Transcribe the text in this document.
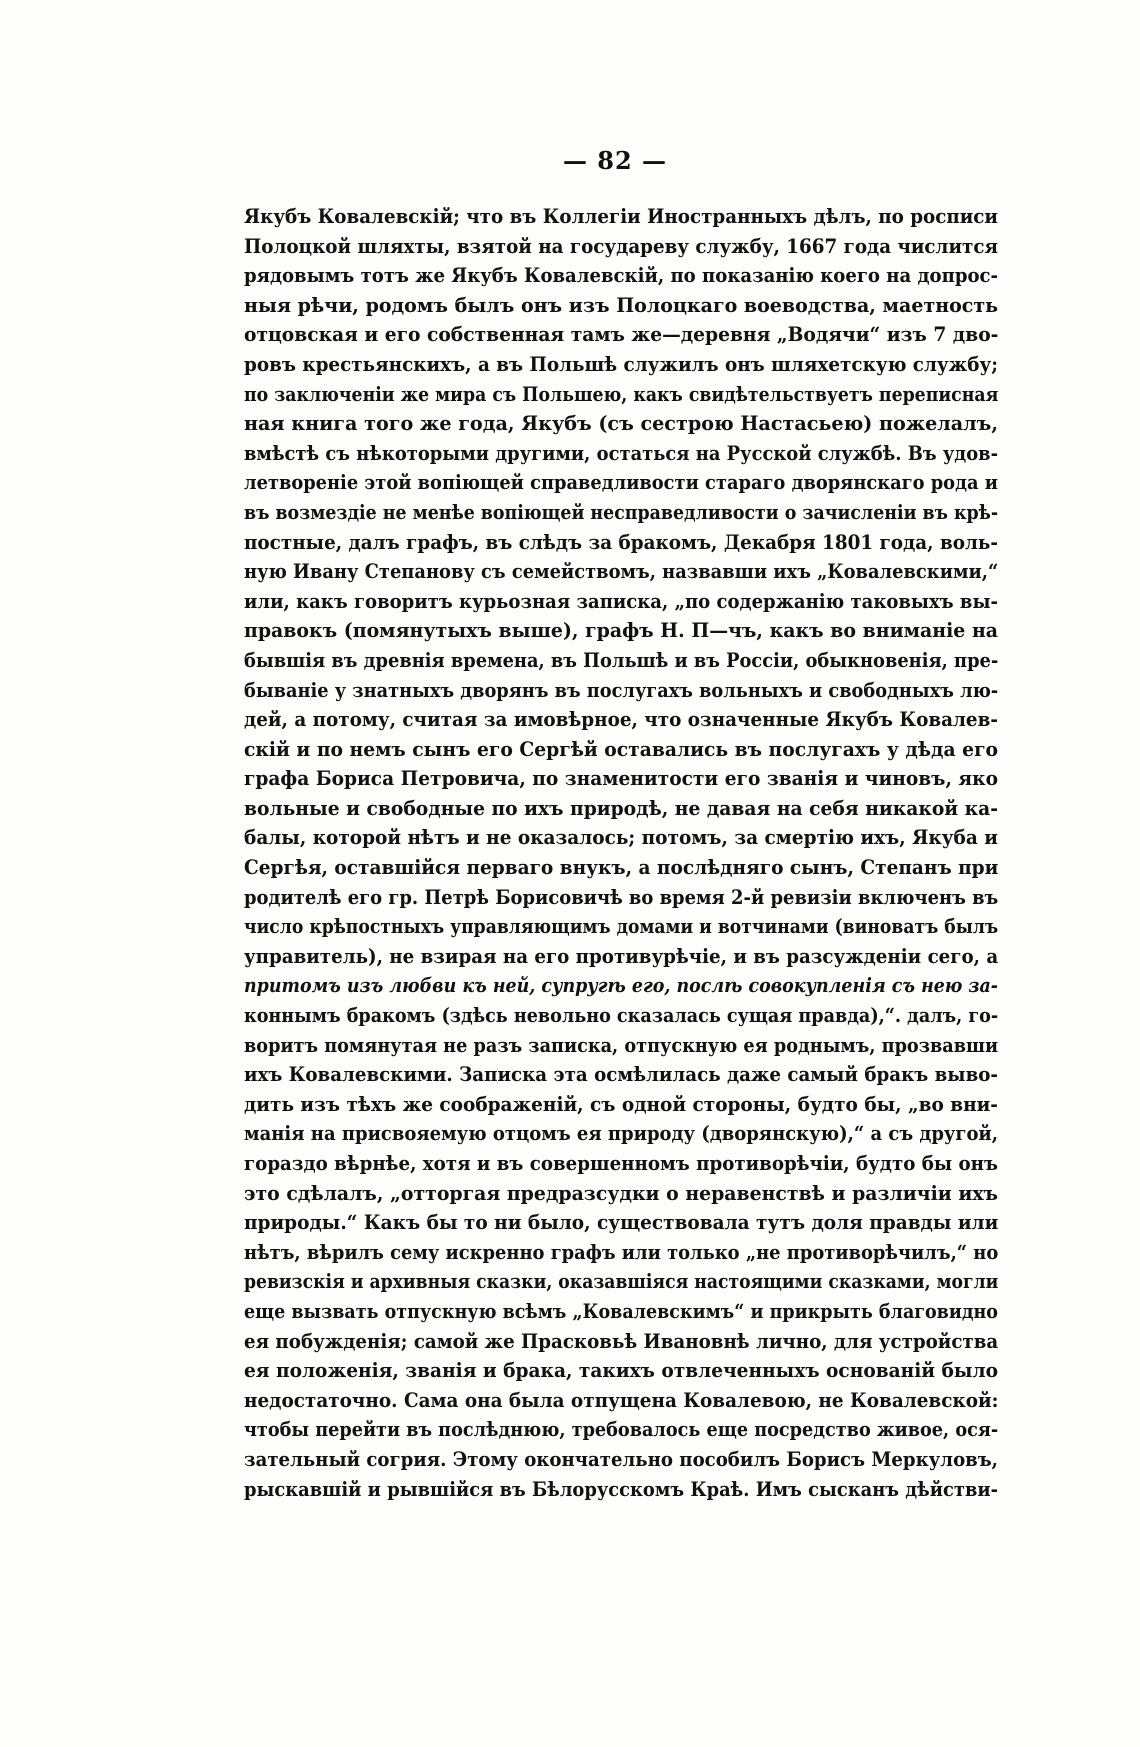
— 82 —
Якубъ Ковалевскій; что въ Коллегіи Иностранныхъ дѣлъ, по росписи
Полоцкой шляхты, взятой на государеву службу, 1667 года числится
рядовымъ тотъ же Якубъ Ковалевскій, по показанію коего на допрос-
ныя рѣчи, родомъ былъ онъ изъ Полоцкаго воеводства, маетность
отцовская и его собственная тамъ же—деревня „Водячи“ изъ 7 дво-
ровъ крестьянскихъ, а въ Польшѣ служилъ онъ шляхетскую службу;
по заключеніи же мира съ Польшею, какъ свидѣтельствуетъ переписная
ная книга того же года, Якубъ (съ сестрою Настасьею) пожелалъ,
вмѣстѣ съ нѣкоторыми другими, остаться на Русской службѣ. Въ удов-
летвореніе этой вопіющей справедливости стараго дворянскаго рода и
въ возмездіе не менѣе вопіющей несправедливости о зачисленіи въ крѣ-
постные, далъ графъ, въ слѣдъ за бракомъ, Декабря 1801 года, воль-
ную Ивану Степанову съ семействомъ, назвавши ихъ „Ковалевскими,“
или, какъ говоритъ курьозная записка, „по содержанію таковыхъ вы-
правокъ (помянутыхъ выше), графъ Н. П—чъ, какъ во вниманіе на
бывшія въ древнія времена, въ Польшѣ и въ Россіи, обыкновенія, пре-
бываніе у знатныхъ дворянъ въ послугахъ вольныхъ и свободныхъ лю-
дей, а потому, считая за имовѣрное, что означенные Якубъ Ковалев-
скій и по немъ сынъ его Сергѣй оставались въ послугахъ у дѣда его
графа Бориса Петровича, по знаменитости его званія и чиновъ, яко
вольные и свободные по ихъ природѣ, не давая на себя никакой ка-
балы, которой нѣтъ и не оказалось; потомъ, за смертію ихъ, Якуба и
Сергѣя, оставшійся перваго внукъ, а послѣдняго сынъ, Степанъ при
родителѣ его гр. Петрѣ Борисовичѣ во время 2-й ревизіи включенъ въ
число крѣпостныхъ управляющимъ домами и вотчинами (виноватъ былъ
управитель), не взирая на его противурѣчіе, и въ разсужденіи сего, а
притомъ изъ любви къ ней, супругѣ его, послѣ совокупленія съ нею за-
коннымъ бракомъ (здѣсь невольно сказалась сущая правда),“. далъ, го-
воритъ помянутая не разъ записка, отпускную ея роднымъ, прозвавши
ихъ Ковалевскими. Записка эта осмѣлилась даже самый бракъ выво-
дить изъ тѣхъ же соображеній, съ одной стороны, будто бы, „во вни-
манія на присвояемую отцомъ ея природу (дворянскую),“ а съ другой,
гораздо вѣрнѣе, хотя и въ совершенномъ противорѣчіи, будто бы онъ
это сдѣлалъ, „отторгая предразсудки о неравенствѣ и различіи ихъ
природы.“ Какъ бы то ни было, существовала тутъ доля правды или
нѣтъ, вѣрилъ сему искренно графъ или только „не противорѣчилъ,“ но
ревизскія и архивныя сказки, оказавшіяся настоящими сказками, могли
еще вызвать отпускную всѣмъ „Ковалевскимъ“ и прикрыть благовидно
ея побужденія; самой же Прасковьѣ Ивановнѣ лично, для устройства
ея положенія, званія и брака, такихъ отвлеченныхъ основаній было
недостаточно. Сама она была отпущена Ковалевою, не Ковалевской:
чтобы перейти въ послѣднюю, требовалось еще посредство живое, ося-
зательный согрия. Этому окончательно пособилъ Борисъ Меркуловъ,
рыскавшій и рывшійся въ Бѣлорусскомъ Краѣ. Имъ сысканъ дѣйстви-
